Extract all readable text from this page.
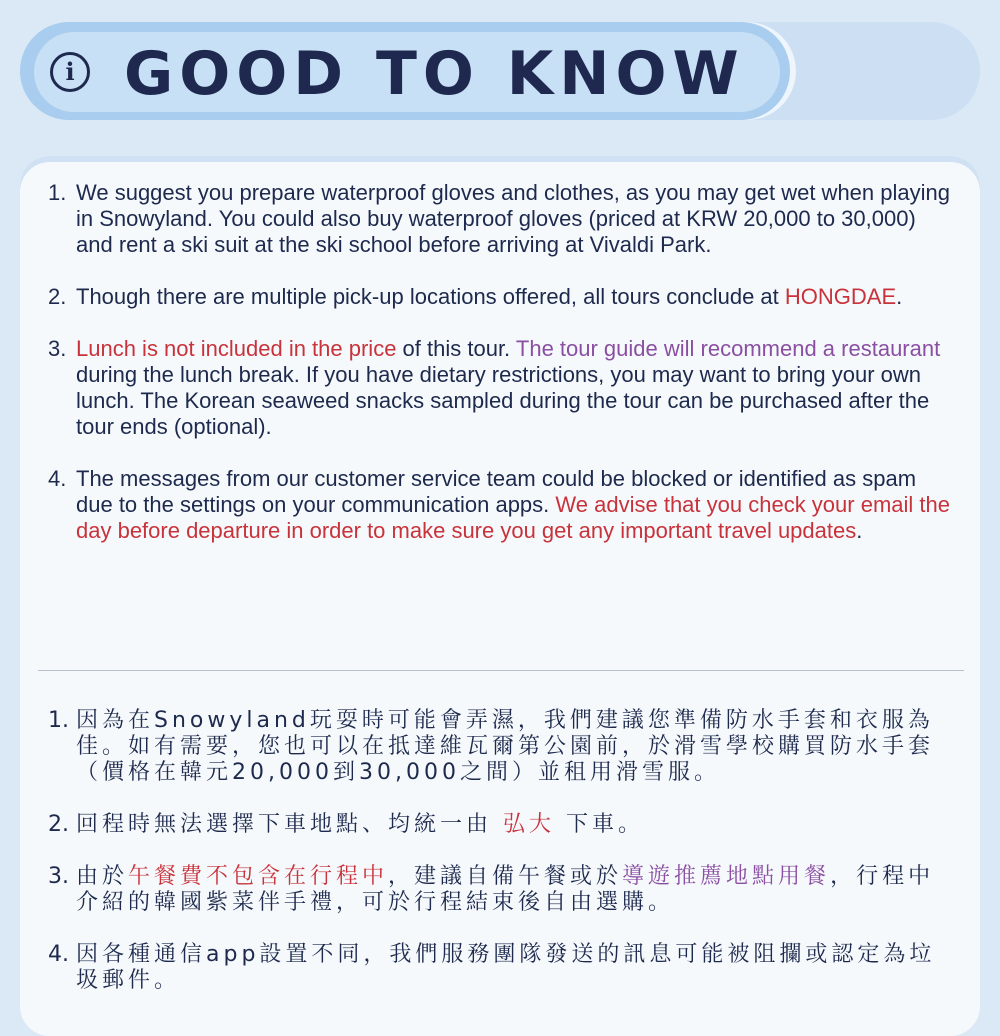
i GOOD TO KNOW
1. We suggest you prepare waterproof gloves and clothes, as you may get wet when playing in Snowyland. You could also buy waterproof gloves (priced at KRW 20,000 to 30,000) and rent a ski suit at the ski school before arriving at Vivaldi Park.
2. Though there are multiple pick-up locations offered, all tours conclude at HONGDAE.
3. Lunch is not included in the price of this tour. The tour guide will recommend a restaurant during the lunch break. If you have dietary restrictions, you may want to bring your own lunch. The Korean seaweed snacks sampled during the tour can be purchased after the tour ends (optional).
4. The messages from our customer service team could be blocked or identified as spam due to the settings on your communication apps. We advise that you check your email the day before departure in order to make sure you get any important travel updates.
1. 因為在Snowyland玩耍時可能會弄濕，我們建議您準備防水手套和衣服為佳。如有需要，您也可以在抵達維瓦爾第公園前，於滑雪學校購買防水手套（價格在韓元20,000到30,000之間）並租用滑雪服。
2. 回程時無法選擇下車地點、均統一由 弘大 下車。
3. 由於午餐費不包含在行程中，建議自備午餐或於導遊推薦地點用餐，行程中介紹的韓國紫菜伴手禮，可於行程結束後自由選購。
4. 因各種通信app設置不同，我們服務團隊發送的訊息可能被阻攔或認定為垃圾郵件。
